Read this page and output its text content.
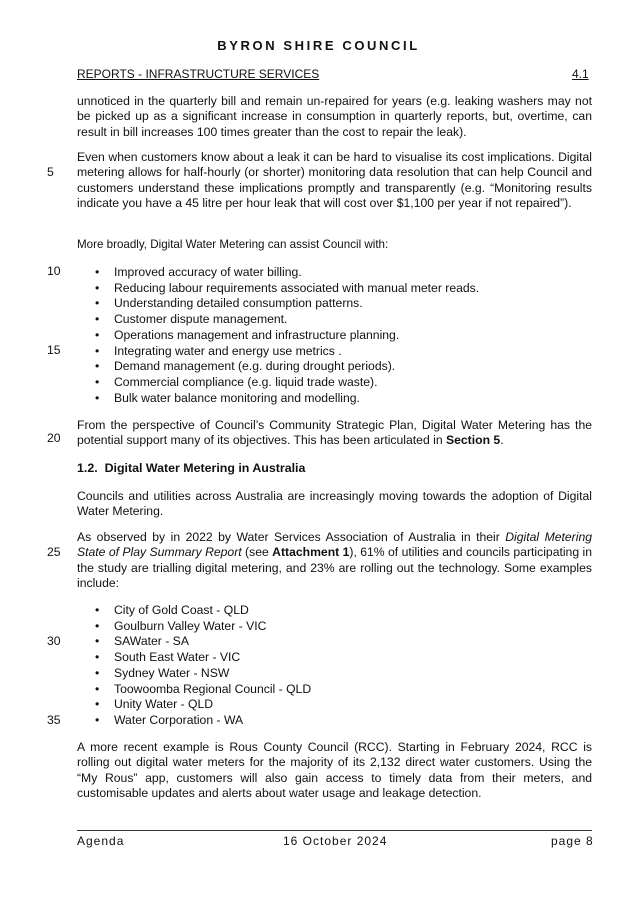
BYRON SHIRE COUNCIL
REPORTS - INFRASTRUCTURE SERVICES	4.1
5
10
15
20
25
30
35

unnoticed in the quarterly bill and remain un-repaired for years (e.g. leaking washers may not be picked up as a significant increase in consumption in quarterly reports, but, overtime, can result in bill increases 100 times greater than the cost to repair the leak).

Even when customers know about a leak it can be hard to visualise its cost implications. Digital metering allows for half-hourly (or shorter) monitoring data resolution that can help Council and customers understand these implications promptly and transparently (e.g. “Monitoring results indicate you have a 45 litre per hour leak that will cost over $1,100 per year if not repaired”).

More broadly, Digital Water Metering can assist Council with:

• Improved accuracy of water billing.
• Reducing labour requirements associated with manual meter reads.
• Understanding detailed consumption patterns.
• Customer dispute management.
• Operations management and infrastructure planning.
• Integrating water and energy use metrics .
• Demand management (e.g. during drought periods).
• Commercial compliance (e.g. liquid trade waste).
• Bulk water balance monitoring and modelling.

From the perspective of Council’s Community Strategic Plan, Digital Water Metering has the potential support many of its objectives. This has been articulated in Section 5.

1.2. Digital Water Metering in Australia

Councils and utilities across Australia are increasingly moving towards the adoption of Digital Water Metering.

As observed by in 2022 by Water Services Association of Australia in their Digital Metering State of Play Summary Report (see Attachment 1), 61% of utilities and councils participating in the study are trialling digital metering, and 23% are rolling out the technology. Some examples include:

• City of Gold Coast - QLD
• Goulburn Valley Water - VIC
• SAWater - SA
• South East Water - VIC
• Sydney Water - NSW
• Toowoomba Regional Council - QLD
• Unity Water - QLD
• Water Corporation - WA

A more recent example is Rous County Council (RCC). Starting in February 2024, RCC is rolling out digital water meters for the majority of its 2,132 direct water customers. Using the “My Rous” app, customers will also gain access to timely data from their meters, and customisable updates and alerts about water usage and leakage detection.

Agenda	16 October 2024	page 8
